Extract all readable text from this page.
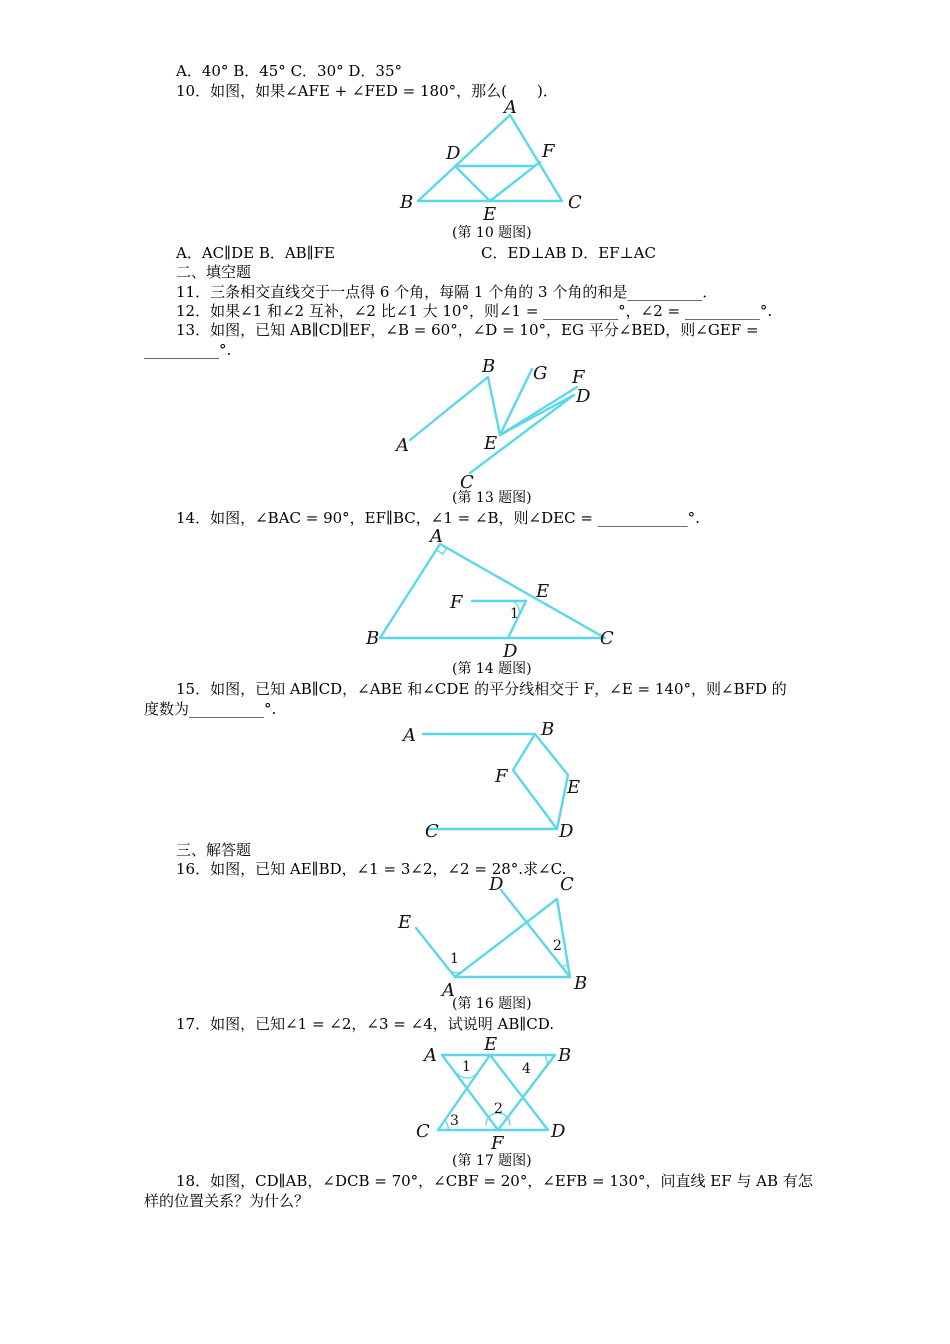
A．40° B．45° C．30° D．35°
10．如图，如果∠AFE + ∠FED = 180°，那么(　　)．
A
B	C
D
E
F
(第 10 题图)
A．AC∥DE B．AB∥FE	C．ED⊥AB D．EF⊥AC
二、填空题
11．三条相交直线交于一点得 6 个角，每隔 1 个角的 3 个角的和是__________．
12．如果∠1 和∠2 互补，∠2 比∠1 大 10°，则∠1 = __________°，∠2 = __________°.
13．如图，已知 AB∥CD∥EF，∠B = 60°，∠D = 10°，EG 平分∠BED，则∠GEF =
__________°.
A
B
C
D
E
F
G
(第 13 题图)
14．如图，∠BAC = 90°，EF∥BC，∠1 = ∠B，则∠DEC = ____________°.
A
B	C
D
E
F
1
(第 14 题图)
15．如图，已知 AB∥CD，∠ABE 和∠CDE 的平分线相交于 F，∠E = 140°，则∠BFD 的
度数为__________°.
A	B
C	D
E
F
三、解答题
16．如图，已知 AE∥BD，∠1 = 3∠2，∠2 = 28°.求∠C.
E
A	B
C
D
1
2
(第 16 题图)
17．如图，已知∠1 = ∠2，∠3 = ∠4，试说明 AB∥CD.
A	B
C	D
E
F
1
2
3
4
(第 17 题图)
18．如图，CD∥AB，∠DCB = 70°，∠CBF = 20°，∠EFB = 130°，问直线 EF 与 AB 有怎
样的位置关系？为什么？
